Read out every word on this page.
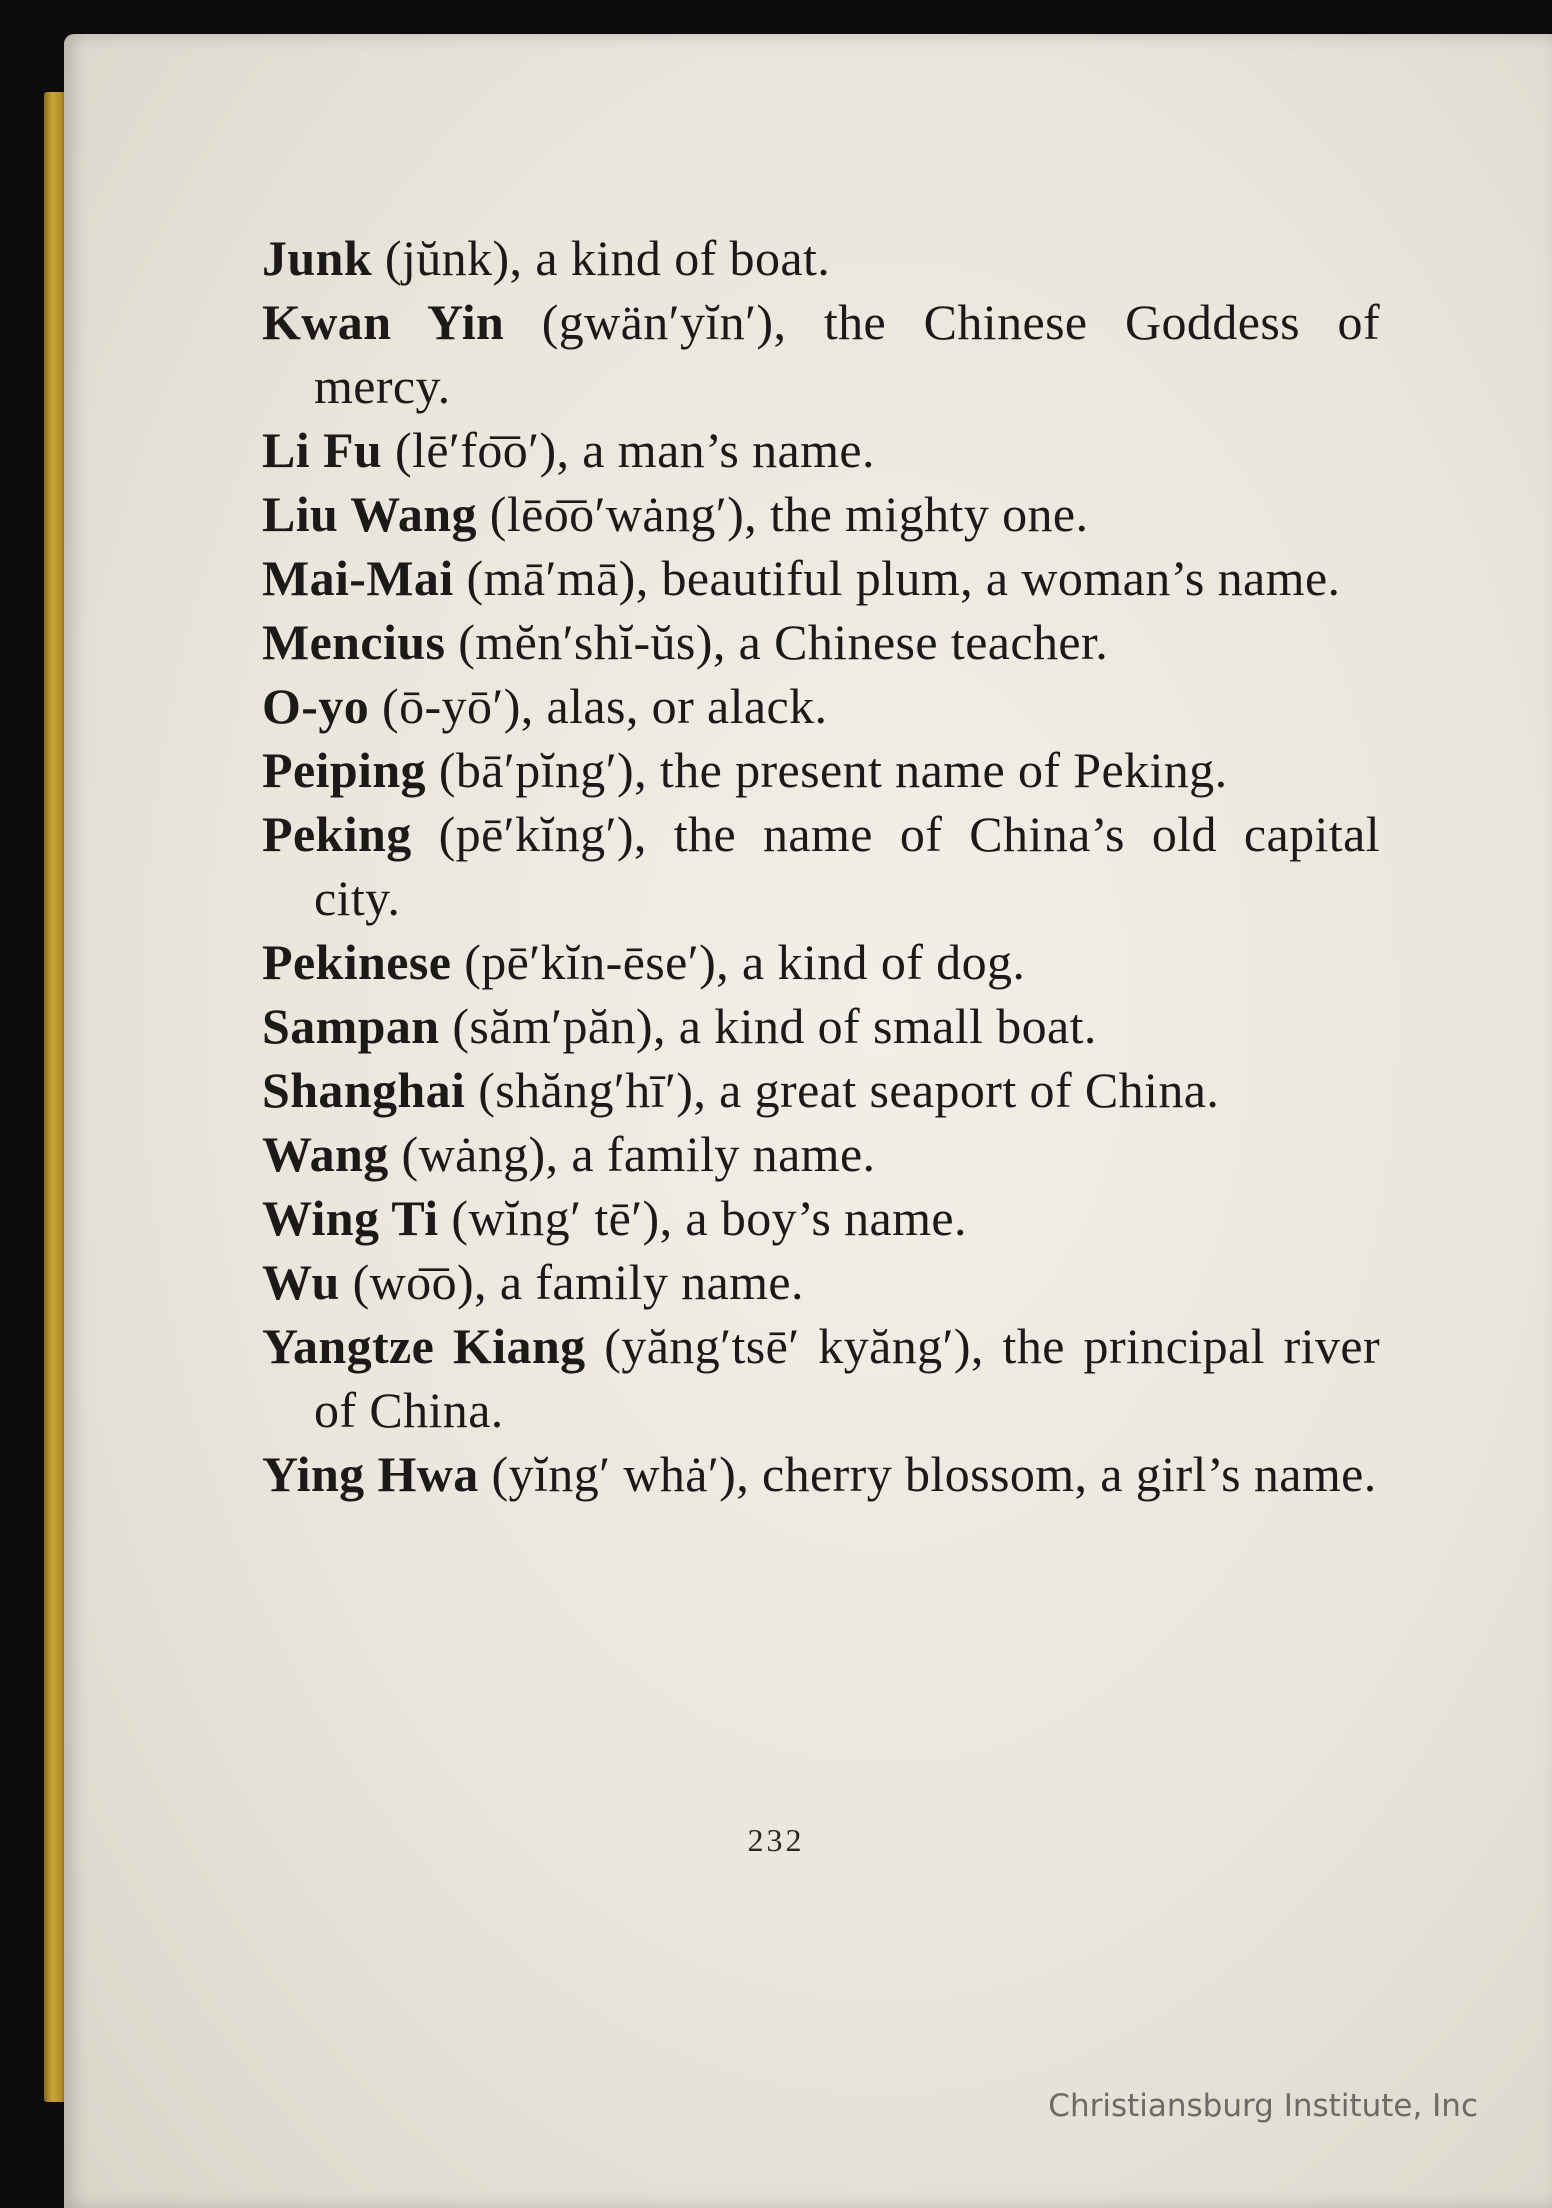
Junk (jŭnk), a kind of boat.

Kwan Yin (gwän′yĭn′), the Chinese Goddess of mercy.

Li Fu (lē′fo͞o′), a man’s name.

Liu Wang (lēo͞o′wȧng′), the mighty one.

Mai-Mai (mā′mā), beautiful plum, a woman’s name.

Mencius (mĕn′shĭ-ŭs), a Chinese teacher.

O-yo (ō-yō′), alas, or alack.

Peiping (bā′pĭng′), the present name of Peking.

Peking (pē′kĭng′), the name of China’s old capital city.

Pekinese (pē′kĭn-ēse′), a kind of dog.

Sampan (săm′păn), a kind of small boat.

Shanghai (shăng′hī′), a great seaport of China.

Wang (wȧng), a family name.

Wing Ti (wĭng′ tē′), a boy’s name.

Wu (wo͞o), a family name.

Yangtze Kiang (yăng′tsē′ kyăng′), the principal river of China.

Ying Hwa (yĭng′ whȧ′), cherry blossom, a girl’s name.

232
Christiansburg Institute, Inc
